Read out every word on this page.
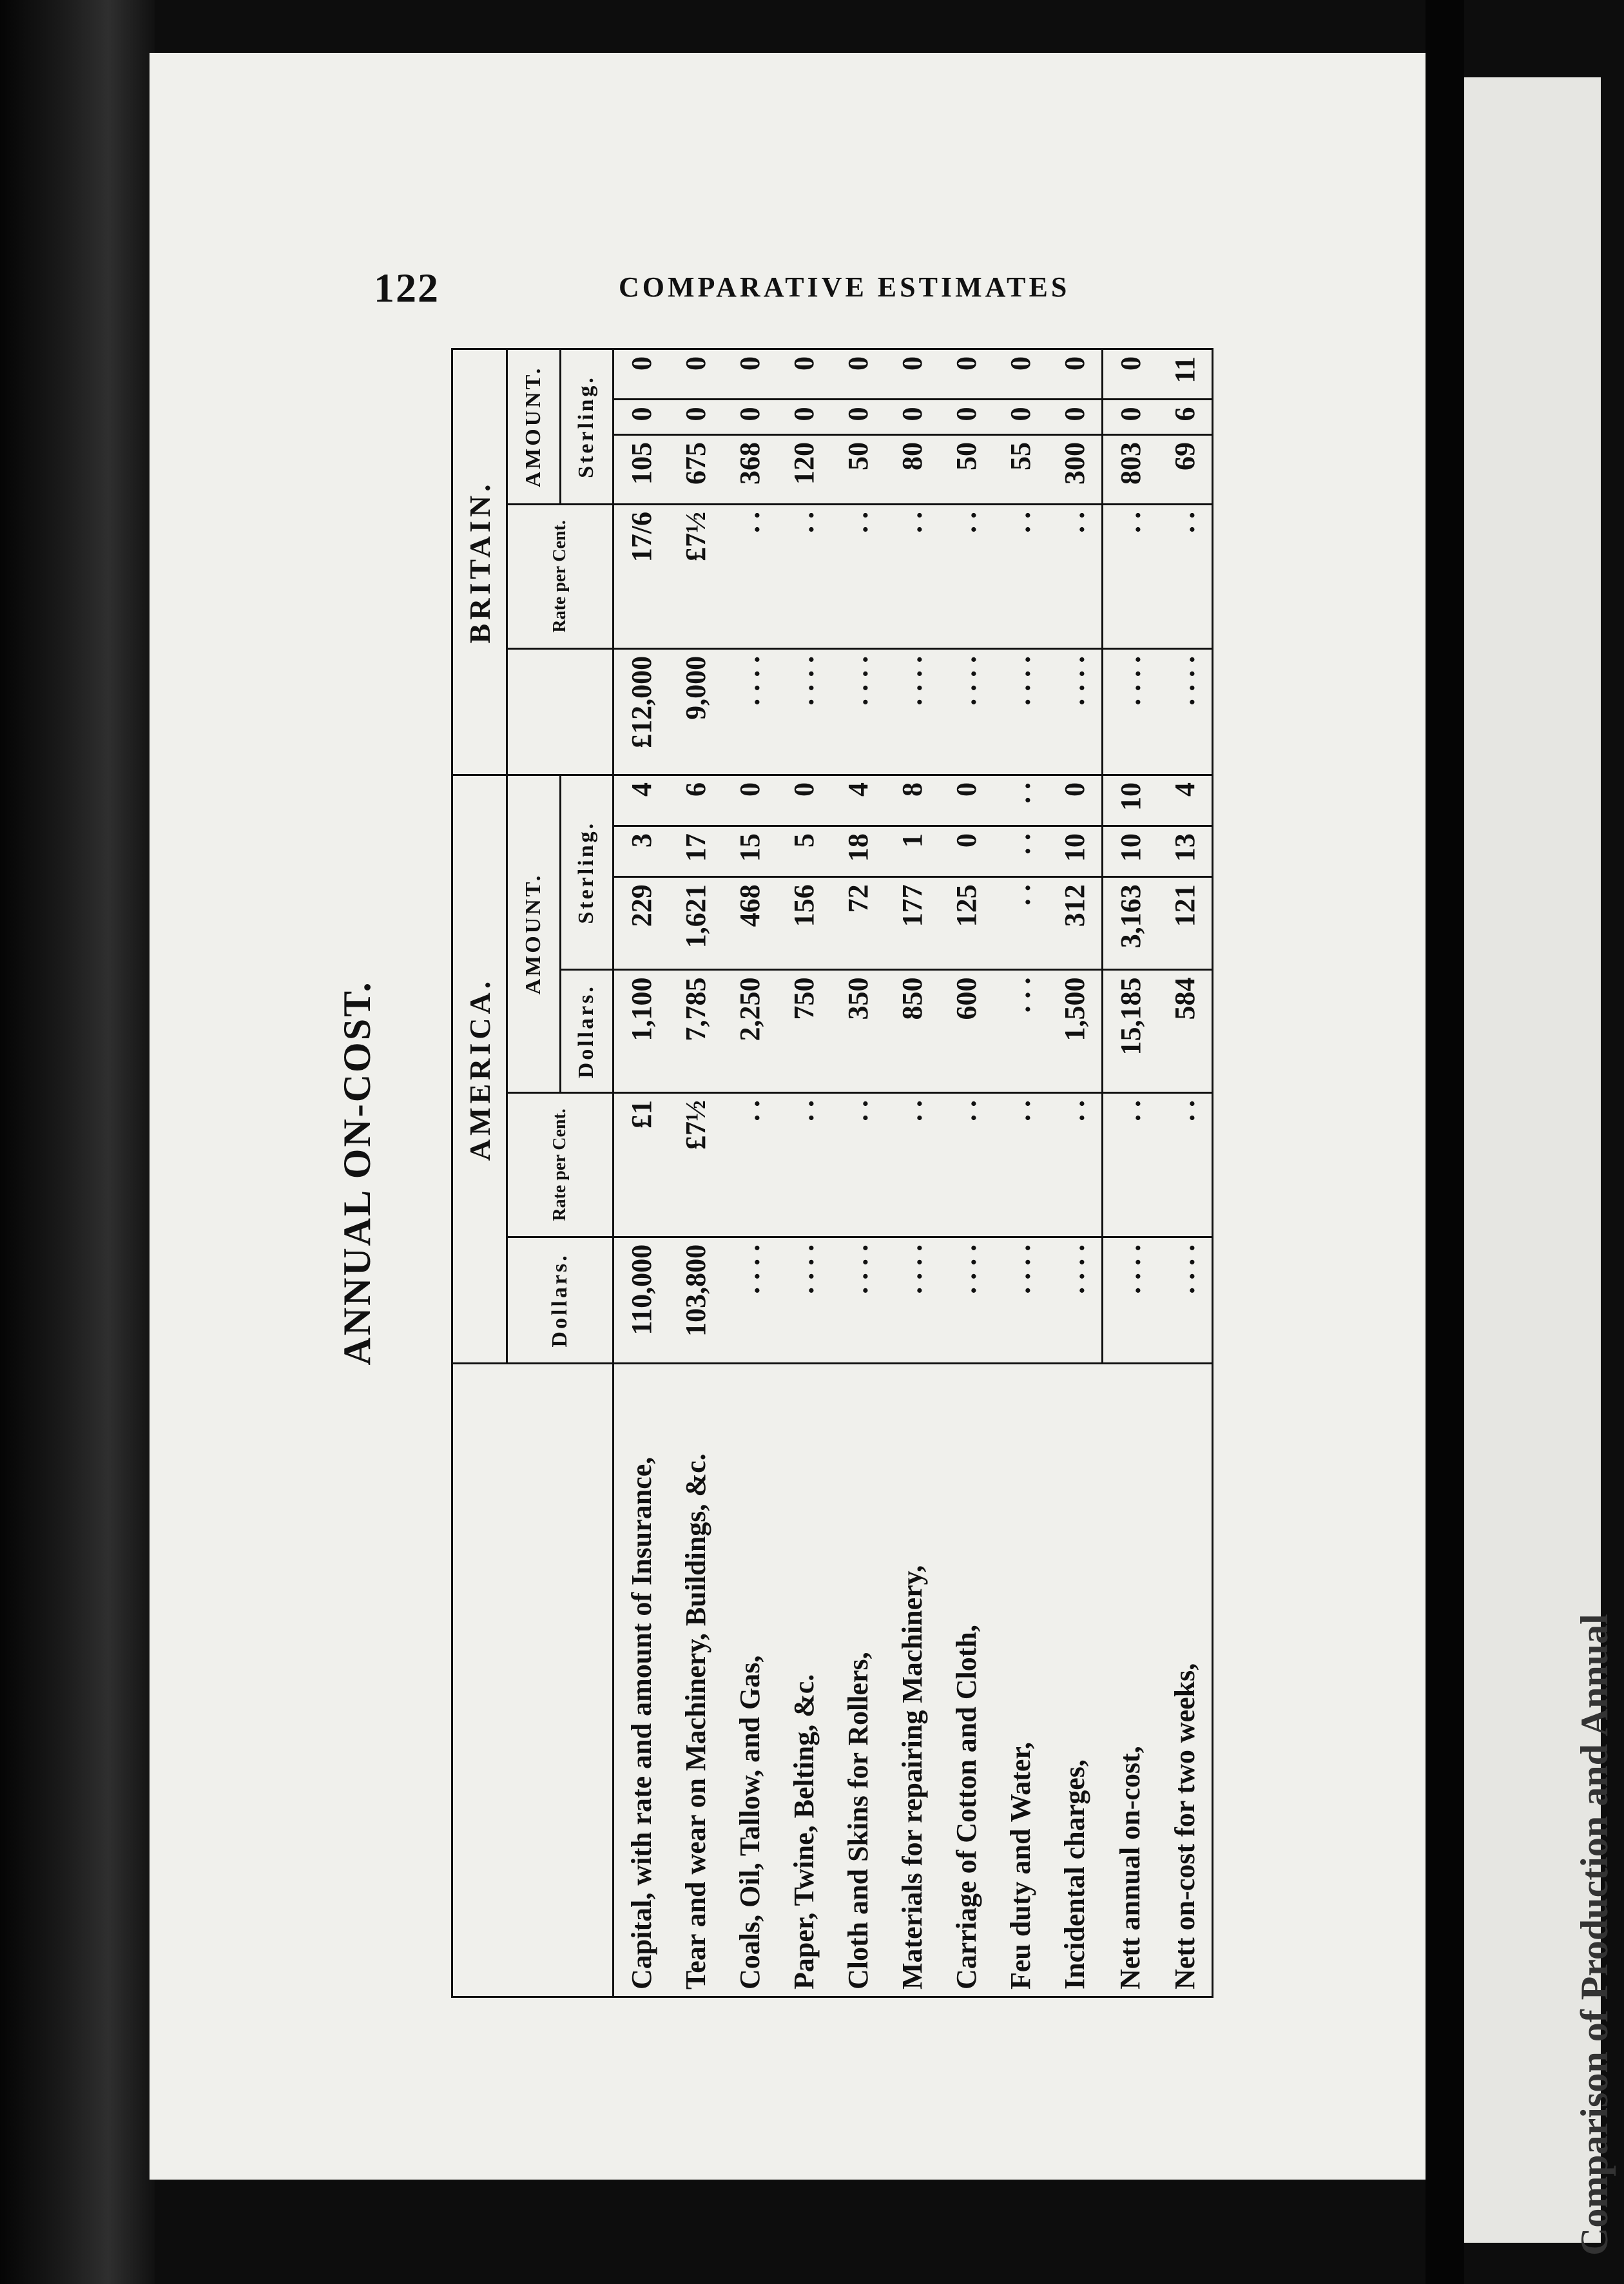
Comparison of Production and Annual
122	COMPARATIVE ESTIMATES
ANNUAL ON-COST.
		AMERICA.						BRITAIN.				
	Dollars.	Rate per Cent.	AMOUNT.					Rate per Cent.	AMOUNT.		
			Dollars.	Sterling.					Sterling.		
Capital, with rate and amount of Insurance,	110,000	£1	1,100	229	3	4	£12,000	17/6	105	0	0
Tear and wear on Machinery, Buildings, &c.	103,800	£7½	7,785	1,621	17	6	9,000	£7½	675	0	0
Coals, Oil, Tallow, and Gas,	. . . .	. .	2,250	468	15	0	. . . .	. .	368	0	0
Paper, Twine, Belting, &c.	. . . .	. .	750	156	5	0	. . . .	. .	120	0	0
Cloth and Skins for Rollers,	. . . .	. .	350	72	18	4	. . . .	. .	50	0	0
Materials for repairing Machinery,	. . . .	. .	850	177	1	8	. . . .	. .	80	0	0
Carriage of Cotton and Cloth,	. . . .	. .	600	125	0	0	. . . .	. .	50	0	0
Feu duty and Water,	. . . .	. .	. . .	. .	. .	. .	. . . .	. .	55	0	0
Incidental charges,	. . . .	. .	1,500	312	10	0	. . . .	. .	300	0	0
Nett annual on-cost,	. . . .	. .	15,185	3,163	10	10	. . . .	. .	803	0	0
Nett on-cost for two weeks,	. . . .	. .	584	121	13	4	. . . .	. .	69	6	11
